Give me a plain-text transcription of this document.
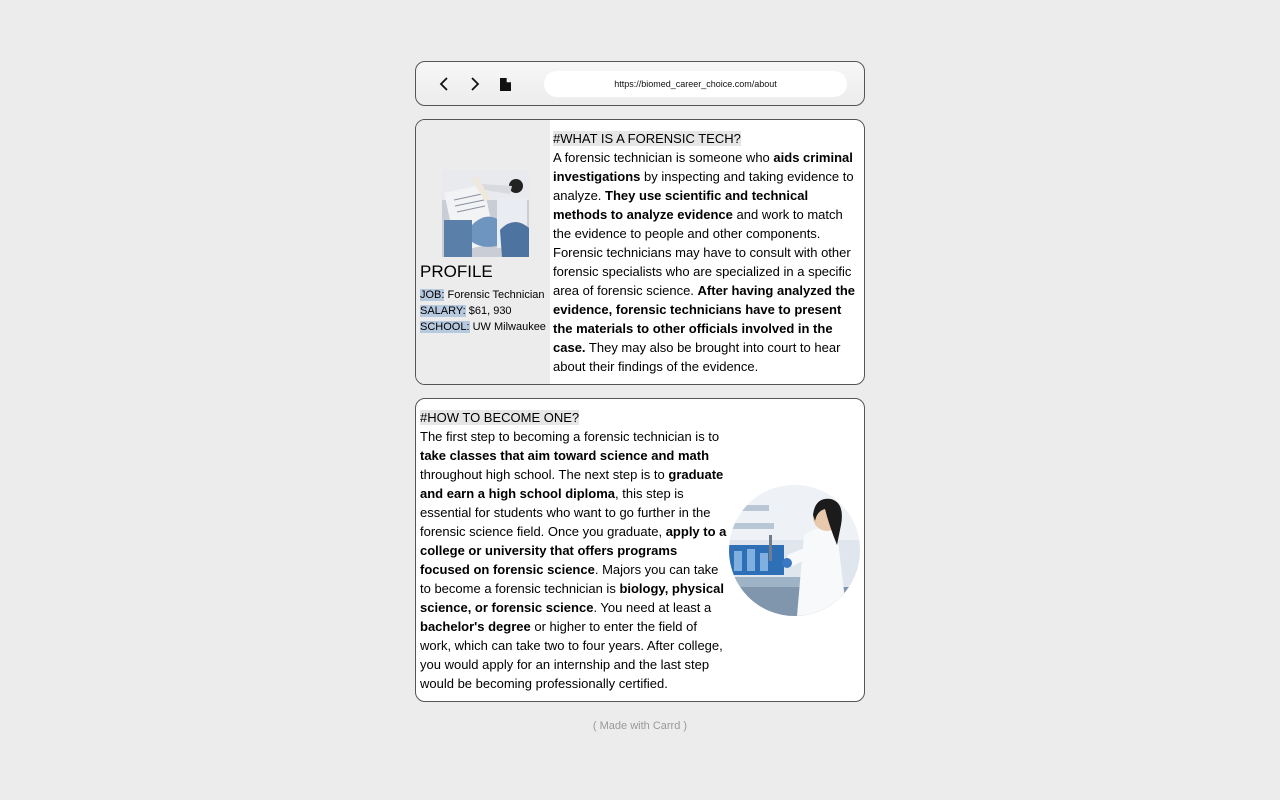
https://biomed_career_choice.com/about
PROFILE
JOB: Forensic Technician
SALARY: $61, 930
SCHOOL: UW Milwaukee
#WHAT IS A FORENSIC TECH?
A forensic technician is someone who aids criminal investigations by inspecting and taking evidence to analyze. They use scientific and technical methods to analyze evidence and work to match the evidence to people and other components. Forensic technicians may have to consult with other forensic specialists who are specialized in a specific area of forensic science. After having analyzed the evidence, forensic technicians have to present the materials to other officials involved in the case. They may also be brought into court to hear about their findings of the evidence.
#HOW TO BECOME ONE?
The first step to becoming a forensic technician is to take classes that aim toward science and math throughout high school. The next step is to graduate and earn a high school diploma, this step is essential for students who want to go further in the forensic science field. Once you graduate, apply to a college or university that offers programs focused on forensic science. Majors you can take to become a forensic technician is biology, physical science, or forensic science. You need at least a bachelor's degree or higher to enter the field of work, which can take two to four years. After college, you would apply for an internship and the last step would be becoming professionally certified.
( Made with Carrd )
